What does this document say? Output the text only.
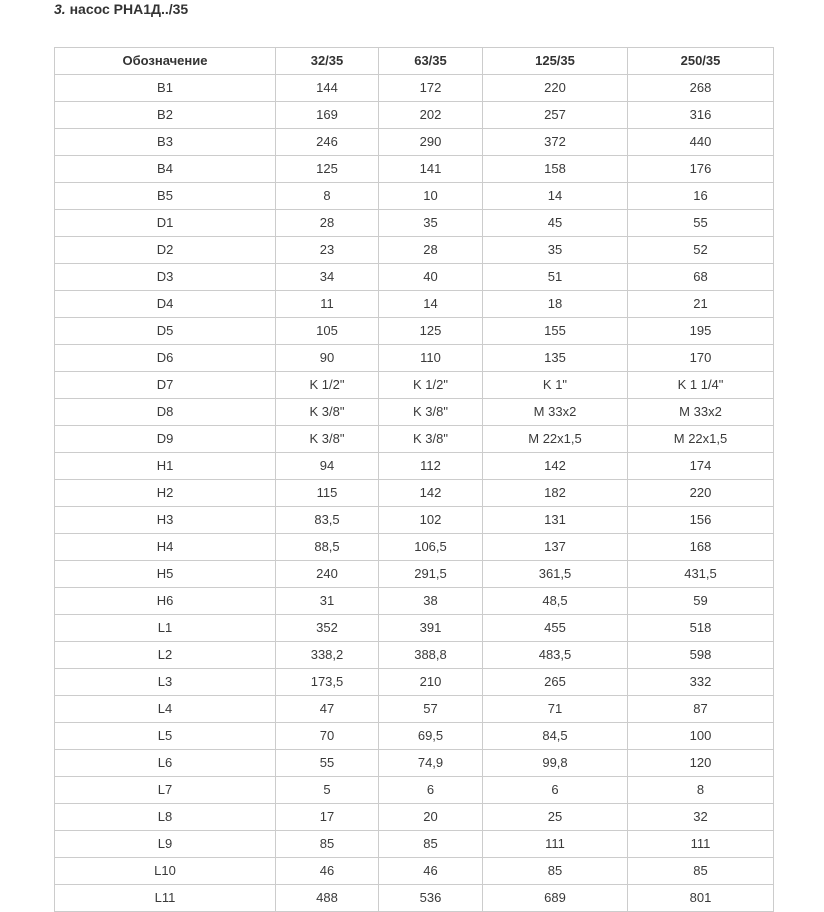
3. насос РНА1Д../35
Обозначение	32/35	63/35	125/35	250/35
B1	144	172	220	268
B2	169	202	257	316
B3	246	290	372	440
B4	125	141	158	176
B5	8	10	14	16
D1	28	35	45	55
D2	23	28	35	52
D3	34	40	51	68
D4	11	14	18	21
D5	105	125	155	195
D6	90	110	135	170
D7	K 1/2"	K 1/2"	K 1"	K 1 1/4"
D8	K 3/8"	K 3/8"	M 33x2	M 33x2
D9	K 3/8"	K 3/8"	M 22x1,5	M 22x1,5
H1	94	112	142	174
H2	115	142	182	220
H3	83,5	102	131	156
H4	88,5	106,5	137	168
H5	240	291,5	361,5	431,5
H6	31	38	48,5	59
L1	352	391	455	518
L2	338,2	388,8	483,5	598
L3	173,5	210	265	332
L4	47	57	71	87
L5	70	69,5	84,5	100
L6	55	74,9	99,8	120
L7	5	6	6	8
L8	17	20	25	32
L9	85	85	111	111
L10	46	46	85	85
L11	488	536	689	801
